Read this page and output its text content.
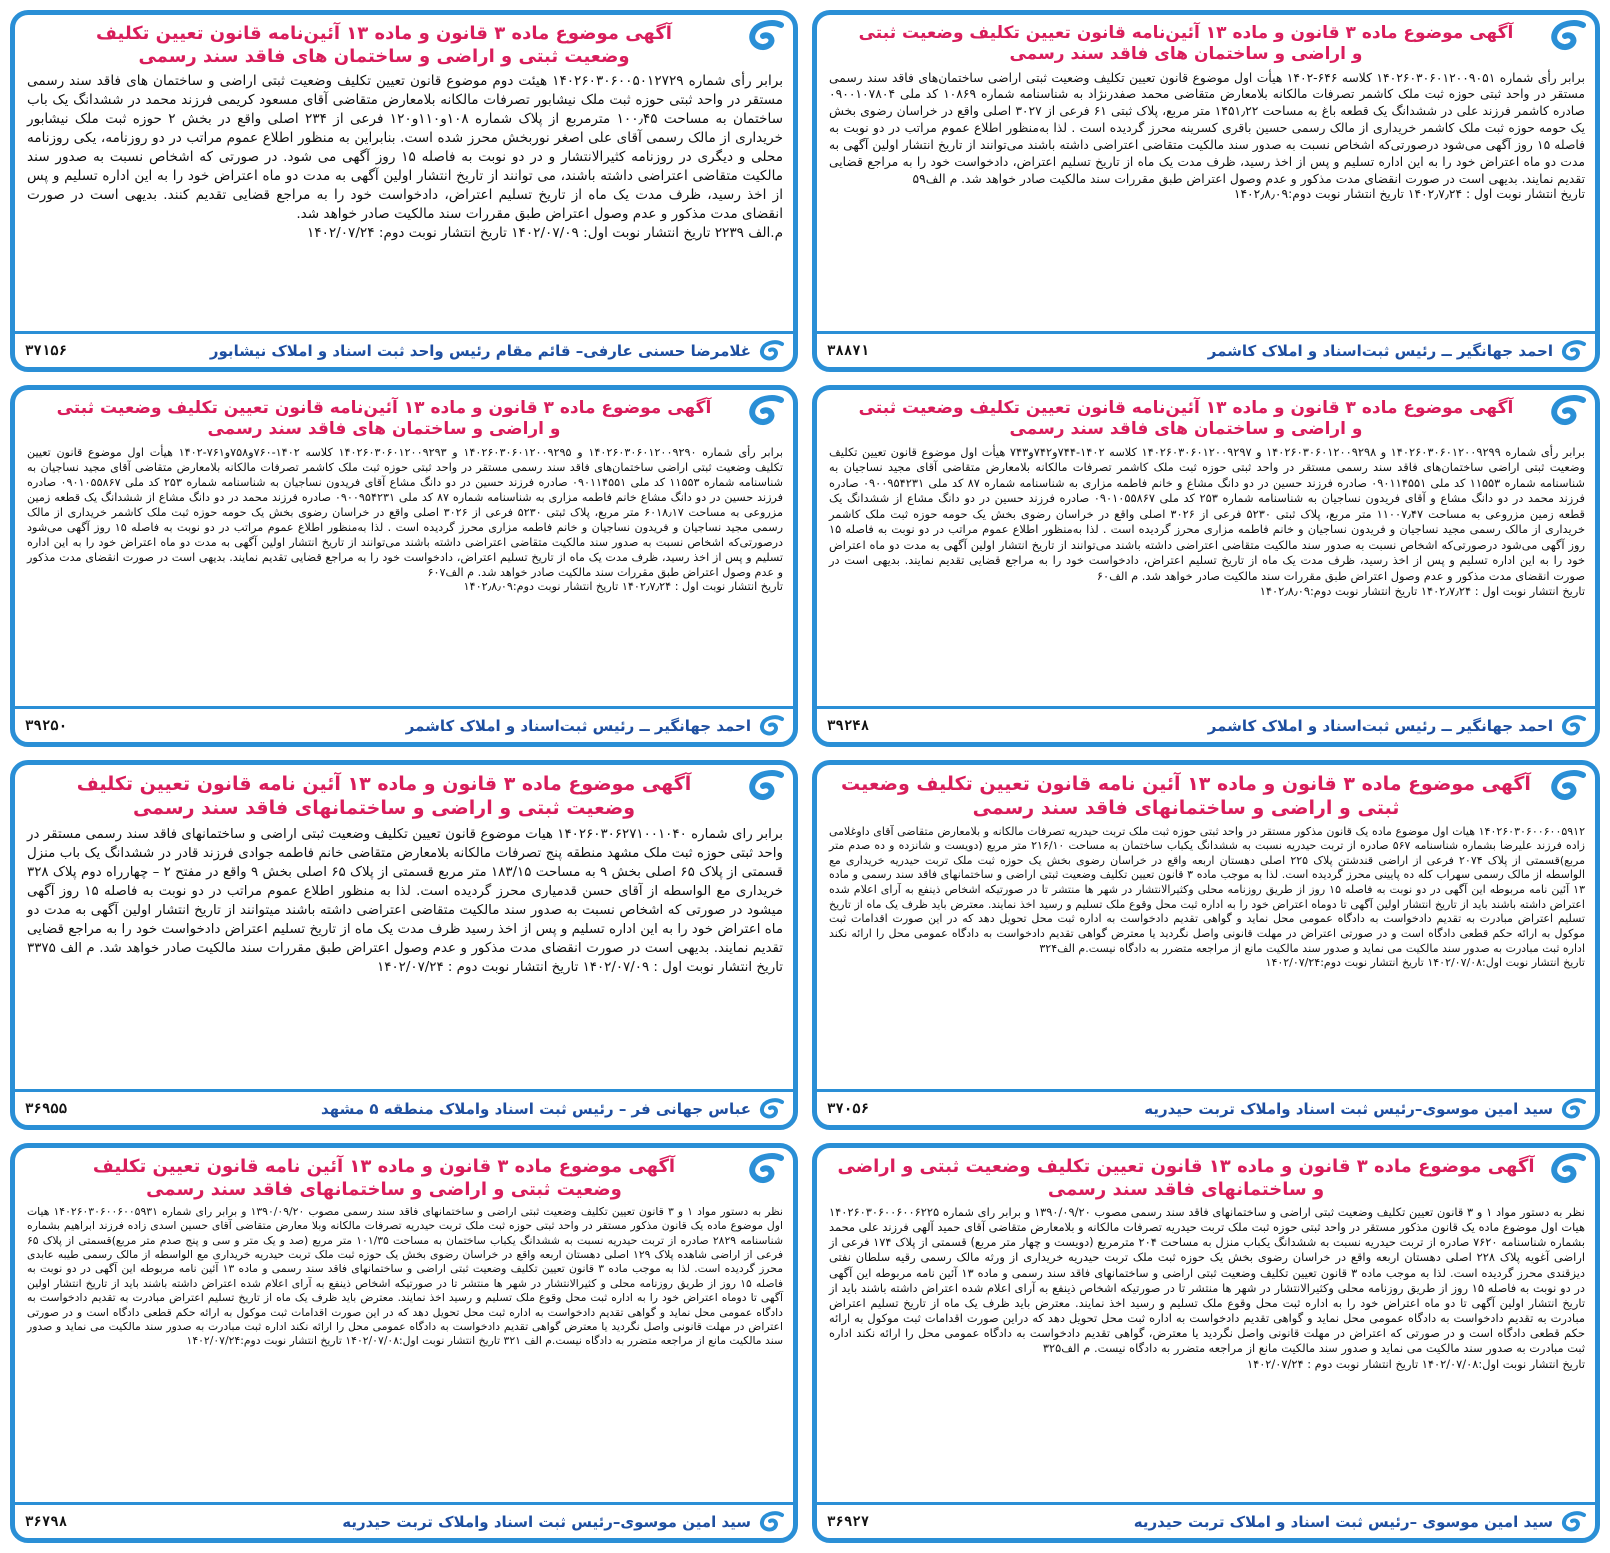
آگهی موضوع ماده ۳ قانون و ماده ۱۳ آئین‌نامه قانون تعیین تکلیف وضعیت ثبتی
و اراضی و ساختمان های فاقد سند رسمی
برابر رأی شماره ۱۴۰۲۶۰۳۰۶۰۱۲۰۰۹۰۵۱ کلاسه ۶۴۶-۱۴۰۲ هیأت اول موضوع قانون تعیین تکلیف وضعیت ثبتی اراضی ساختمان‌های فاقد سند رسمی مستقر در واحد ثبتی حوزه ثبت ملک کاشمر تصرفات مالکانه بلامعارض متقاضی محمد صفدرنژاد به شناسنامه شماره ۱۰۸۶۹ کد ملی ۰۹۰۰۱۰۷۸۰۴ صادره کاشمر فرزند علی در ششدانگ یک قطعه باغ به مساحت ۱۴۵۱٫۲۲ متر مربع، پلاک ثبتی ۶۱ فرعی از ۳۰۲۷ اصلی واقع در خراسان رضوی بخش یک حومه حوزه ثبت ملک کاشمر خریداری از مالک رسمی حسین باقری کسرینه محرز گردیده است . لذا به‌منظور اطلاع عموم مراتب در دو نوبت به فاصله ۱۵ روز آگهی می‌شود درصورتی‌که اشخاص نسبت به صدور سند مالکیت متقاضی اعتراضی داشته باشند می‌توانند از تاریخ انتشار اولین آگهی به مدت دو ماه اعتراض خود را به این اداره تسلیم و پس از اخذ رسید، ظرف مدت یک ماه از تاریخ تسلیم اعتراض، دادخواست خود را به مراجع قضایی تقدیم نمایند. بدیهی است در صورت انقضای مدت مذکور و عدم وصول اعتراض طبق مقررات سند مالکیت صادر خواهد شد. م الف۵۹
تاریخ انتشار نوبت اول : ۱۴۰۲٫۷٫۲۴ تاریخ انتشار نوبت دوم:۱۴۰۲٫۸٫۰۹
احمد جهانگیر ــ رئیس ثبت‌اسناد و املاک کاشمر
۳۸۸۷۱
آگهی موضوع ماده ۳ قانون و ماده ۱۳ آئین‌نامه قانون تعیین تکلیف
وضعیت ثبتی و اراضی و ساختمان های فاقد سند رسمی
برابر رأی شماره ۱۴۰۲۶۰۳۰۶۰۰۵۰۱۲۷۲۹ هیئت دوم موضوع قانون تعیین تکلیف وضعیت ثبتی اراضی و ساختمان های فاقد سند رسمی مستقر در واحد ثبتی حوزه ثبت ملک نیشابور تصرفات مالکانه بلامعارض متقاضی آقای مسعود کریمی فرزند محمد در ششدانگ یک باب ساختمان به مساحت ۱۰۰٫۴۵ مترمربع از پلاک شماره ۱۰۸و۱۱۰و۱۲۰ فرعی از ۲۳۴ اصلی واقع در بخش ۲ حوزه ثبت ملک نیشابور خریداری از مالک رسمی آقای علی اصغر نوربخش محرز شده است. بنابراین به منظور اطلاع عموم مراتب در دو روزنامه، یکی روزنامه محلی و دیگری در روزنامه کثیرالانتشار و در دو نوبت به فاصله ۱۵ روز آگهی می شود. در صورتی که اشخاص نسبت به صدور سند مالکیت متقاضی اعتراضی داشته باشند، می توانند از تاریخ انتشار اولین آگهی به مدت دو ماه اعتراض خود را به این اداره تسلیم و پس از اخذ رسید، ظرف مدت یک ماه از تاریخ تسلیم اعتراض، دادخواست خود را به مراجع قضایی تقدیم کنند. بدیهی است در صورت انقضای مدت مذکور و عدم وصول اعتراض طبق مقررات سند مالکیت صادر خواهد شد.
م.الف ۲۲۳۹ تاریخ انتشار نوبت اول: ۱۴۰۲/۰۷/۰۹ تاریخ انتشار نوبت دوم: ۱۴۰۲/۰۷/۲۴
غلامرضا حسنی عارفی– قائم مقام رئیس واحد ثبت اسناد و املاک نیشابور
۳۷۱۵۶
آگهی موضوع ماده ۳ قانون و ماده ۱۳ آئین‌نامه قانون تعیین تکلیف وضعیت ثبتی
و اراضی و ساختمان های فاقد سند رسمی
برابر رأی شماره ۱۴۰۲۶۰۳۰۶۰۱۲۰۰۹۲۹۹ و ۱۴۰۲۶۰۳۰۶۰۱۲۰۰۹۲۹۸ و ۱۴۰۲۶۰۳۰۶۰۱۲۰۰۹۲۹۷ کلاسه ۱۴۰۲-۷۴۴و۷۴۲و۷۴۳ هیأت اول موضوع قانون تعیین تکلیف وضعیت ثبتی اراضی ساختمان‌های فاقد سند رسمی مستقر در واحد ثبتی حوزه ثبت ملک کاشمر تصرفات مالکانه بلامعارض متقاضی آقای مجید نساجیان به شناسنامه شماره ۱۱۵۵۳ کد ملی ۰۹۰۱۱۴۵۵۱ صادره فرزند حسین در دو دانگ مشاع و خانم فاطمه مزاری به شناسنامه شماره ۸۷ کد ملی ۰۹۰۰۹۵۴۲۳۱ صادره فرزند محمد در دو دانگ مشاع و آقای فریدون نساجیان به شناسنامه شماره ۲۵۳ کد ملی ۰۹۰۱۰۵۵۸۶۷ صادره فرزند حسین در دو دانگ مشاع از ششدانگ یک قطعه زمین مزروعی به مساحت ۱۱۰۰۷٫۴۷ متر مربع، پلاک ثبتی ۵۲۳۰ فرعی از ۳۰۲۶ اصلی واقع در خراسان رضوی بخش یک حومه حوزه ثبت ملک کاشمر خریداری از مالک رسمی مجید نساجیان و فریدون نساجیان و خانم فاطمه مزاری محرز گردیده است . لذا به‌منظور اطلاع عموم مراتب در دو نوبت به فاصله ۱۵ روز آگهی می‌شود درصورتی‌که اشخاص نسبت به صدور سند مالکیت متقاضی اعتراضی داشته باشند می‌توانند از تاریخ انتشار اولین آگهی به مدت دو ماه اعتراض خود را به این اداره تسلیم و پس از اخذ رسید، ظرف مدت یک ماه از تاریخ تسلیم اعتراض، دادخواست خود را به مراجع قضایی تقدیم نمایند. بدیهی است در صورت انقضای مدت مذکور و عدم وصول اعتراض طبق مقررات سند مالکیت صادر خواهد شد. م الف۶۰
تاریخ انتشار نوبت اول : ۱۴۰۲٫۷٫۲۴ تاریخ انتشار نوبت دوم:۱۴۰۲٫۸٫۰۹
احمد جهانگیر ــ رئیس ثبت‌اسناد و املاک کاشمر
۳۹۲۴۸
آگهی موضوع ماده ۳ قانون و ماده ۱۳ آئین‌نامه قانون تعیین تکلیف وضعیت ثبتی
و اراضی و ساختمان های فاقد سند رسمی
برابر رأی شماره ۱۴۰۲۶۰۳۰۶۰۱۲۰۰۹۲۹۰ و ۱۴۰۲۶۰۳۰۶۰۱۲۰۰۹۲۹۵ و ۱۴۰۲۶۰۳۰۶۰۱۲۰۰۹۲۹۳ کلاسه ۱۴۰۲-۷۶۰و۷۵۸و۷۶۱-۱۴۰۲ هیأت اول موضوع قانون تعیین تکلیف وضعیت ثبتی اراضی ساختمان‌های فاقد سند رسمی مستقر در واحد ثبتی حوزه ثبت ملک کاشمر تصرفات مالکانه بلامعارض متقاضی آقای مجید نساجیان به شناسنامه شماره ۱۱۵۵۳ کد ملی ۰۹۰۱۱۴۵۵۱ صادره فرزند حسین در دو دانگ مشاع آقای فریدون نساجیان به شناسنامه شماره ۲۵۳ کد ملی ۰۹۰۱۰۵۵۸۶۷ صادره فرزند حسین در دو دانگ مشاع خانم فاطمه مزاری به شناسنامه شماره ۸۷ کد ملی ۰۹۰۰۹۵۴۲۳۱ صادره فرزند محمد در دو دانگ مشاع از ششدانگ یک قطعه زمین مزروعی به مساحت ۶۰۱۸٫۱۷ متر مربع، پلاک ثبتی ۵۲۳۰ فرعی از ۳۰۲۶ اصلی واقع در خراسان رضوی بخش یک حومه حوزه ثبت ملک کاشمر خریداری از مالک رسمی مجید نساجیان و فریدون نساجیان و خانم فاطمه مزاری محرز گردیده است . لذا به‌منظور اطلاع عموم مراتب در دو نوبت به فاصله ۱۵ روز آگهی می‌شود درصورتی‌که اشخاص نسبت به صدور سند مالکیت متقاضی اعتراضی داشته باشند می‌توانند از تاریخ انتشار اولین آگهی به مدت دو ماه اعتراض خود را به این اداره تسلیم و پس از اخذ رسید، ظرف مدت یک ماه از تاریخ تسلیم اعتراض، دادخواست خود را به مراجع قضایی تقدیم نمایند. بدیهی است در صورت انقضای مدت مذکور و عدم وصول اعتراض طبق مقررات سند مالکیت صادر خواهد شد. م الف۶۰۷
تاریخ انتشار نوبت اول : ۱۴۰۲٫۷٫۲۴ تاریخ انتشار نوبت دوم:۱۴۰۲٫۸٫۰۹
احمد جهانگیر ــ رئیس ثبت‌اسناد و املاک کاشمر
۳۹۲۵۰
آگهی موضوع ماده ۳ قانون و ماده ۱۳ آئین نامه قانون تعیین تکلیف وضعیت
ثبتی و اراضی و ساختمانهای فاقد سند رسمی
۱۴۰۲۶۰۳۰۶۰۰۶۰۰۵۹۱۲ هیات اول موضوع ماده یک قانون مذکور مستقر در واحد ثبتی حوزه ثبت ملک تربت حیدریه تصرفات مالکانه و بلامعارض متقاضی آقای داوغلامی زاده فرزند علیرضا بشماره شناسنامه ۵۶۷ صادره از تربت حیدریه نسبت به ششدانگ یکباب ساختمان به مساحت ۲۱۶/۱۰ متر مربع (دویست و شانزده و ده صدم متر مربع)قسمتی از پلاک ۲۰۷۴ فرعی از اراضی قندشتن پلاک ۲۲۵ اصلی دهستان اربعه واقع در خراسان رضوی بخش یک حوزه ثبت ملک تربت حیدریه خریداری مع الواسطه از مالک رسمی سهراب کله ده پایینی محرز گردیده است. لذا به موجب ماده ۳ قانون تعیین تکلیف وضعیت ثبتی اراضی و ساختمانهای فاقد سند رسمی و ماده ۱۳ آئین نامه مربوطه این آگهی در دو نوبت به فاصله ۱۵ روز از طریق روزنامه محلی وکثیرالانتشار در شهر ها منتشر تا در صورتیکه اشخاص ذینفع به آرای اعلام شده اعتراض داشته باشند باید از تاریخ انتشار اولین آگهی تا دوماه اعتراض خود را به اداره ثبت محل وقوع ملک تسلیم و رسید اخذ نمایند. معترض باید ظرف یک ماه از تاریخ تسلیم اعتراض مبادرت به تقدیم دادخواست به دادگاه عمومی محل نماید و گواهی تقدیم دادخواست به اداره ثبت محل تحویل دهد که در این صورت اقدامات ثبت موکول به ارائه حکم قطعی دادگاه است و در صورتی اعتراض در مهلت قانونی واصل نگردید یا معترض گواهی تقدیم دادخواست به دادگاه عمومی محل را ارائه نکند اداره ثبت مبادرت به صدور سند مالکیت می نماید و صدور سند مالکیت مانع از مراجعه متضرر به دادگاه نیست.م الف۳۲۴
تاریخ انتشار نوبت اول:۱۴۰۲/۰۷/۰۸ تاریخ انتشار نوبت دوم:۱۴۰۲/۰۷/۲۴
سید امین موسوی–رئیس ثبت اسناد واملاک تربت حیدریه
۳۷۰۵۶
آگهی موضوع ماده ۳ قانون و ماده ۱۳ آئین نامه قانون تعیین تکلیف
وضعیت ثبتی و اراضی و ساختمانهای فاقد سند رسمی
برابر رای شماره ۱۴۰۲۶۰۳۰۶۲۷۱۰۰۱۰۴۰ هیات موضوع قانون تعیین تکلیف وضعیت ثبتی اراضی و ساختمانهای فاقد سند رسمی مستقر در واحد ثبتی حوزه ثبت ملک مشهد منطقه پنج تصرفات مالکانه بلامعارض متقاضی خانم فاطمه جوادی فرزند قادر در ششدانگ یک باب منزل قسمتی از پلاک ۶۵ اصلی بخش ۹ به مساحت ۱۸۳/۱۵ متر مربع قسمتی از پلاک ۶۵ اصلی بخش ۹ واقع در مفتح ۲ – چهارراه دوم پلاک ۳۲۸ خریداری مع الواسطه از آقای حسن قدمیاری محرز گردیده است. لذا به منظور اطلاع عموم مراتب در دو نوبت به فاصله ۱۵ روز آگهی میشود در صورتی که اشخاص نسبت به صدور سند مالکیت متقاضی اعتراضی داشته باشند میتوانند از تاریخ انتشار اولین آگهی به مدت دو ماه اعتراض خود را به این اداره تسلیم و پس از اخذ رسید ظرف مدت یک ماه از تاریخ تسلیم اعتراض دادخواست خود را به مراجع قضایی تقدیم نمایند. بدیهی است در صورت انقضای مدت مذکور و عدم وصول اعتراض طبق مقررات سند مالکیت صادر خواهد شد. م الف ۳۳۷۵ تاریخ انتشار نوبت اول : ۱۴۰۲/۰۷/۰۹ تاریخ انتشار نوبت دوم : ۱۴۰۲/۰۷/۲۴
عباس جهانی فر – رئیس ثبت اسناد واملاک منطقه ۵ مشهد
۳۶۹۵۵
آگهی موضوع ماده ۳ قانون و ماده ۱۳ قانون تعیین تکلیف وضعیت ثبتی و اراضی
و ساختمانهای فاقد سند رسمی
نظر به دستور مواد ۱ و ۳ قانون تعیین تکلیف وضعیت ثبتی اراضی و ساختمانهای فاقد سند رسمی مصوب ۱۳۹۰/۰۹/۲۰ و برابر رای شماره ۱۴۰۲۶۰۳۰۶۰۰۶۰۰۶۲۲۵ هیات اول موضوع ماده یک قانون مذکور مستقر در واحد ثبتی حوزه ثبت ملک تربت حیدریه تصرفات مالکانه و بلامعارض متقاضی آقای حمید آلهی فرزند علی محمد بشماره شناسنامه ۷۶۲۰ صادره از تربت حیدریه نسبت به ششدانگ یکباب منزل به مساحت ۲۰۴ مترمربع (دویست و چهار متر مربع) قسمتی از پلاک ۱۷۴ فرعی از اراضی آغویه پلاک ۲۲۸ اصلی دهستان اربعه واقع در خراسان رضوی بخش یک حوزه ثبت ملک تربت حیدریه خریداری از ورثه مالک رسمی رقیه سلطان نفتی دیزقندی محرز گردیده است. لذا به موجب ماده ۳ قانون تعیین تکلیف وضعیت ثبتی اراضی و ساختمانهای فاقد سند رسمی و ماده ۱۳ آئین نامه مربوطه این آگهی در دو نوبت به فاصله ۱۵ روز از طریق روزنامه محلی وکثیرالانتشار در شهر ها منتشر تا در صورتیکه اشخاص ذینفع به آرای اعلام شده اعتراض داشته باشند باید از تاریخ انتشار اولین آگهی تا دو ماه اعتراض خود را به اداره ثبت محل وقوع ملک تسلیم و رسید اخذ نمایند. معترض باید ظرف یک ماه از تاریخ تسلیم اعتراض مبادرت به تقدیم دادخواست به دادگاه عمومی محل نماید و گواهی تقدیم دادخواست به اداره ثبت محل تحویل دهد که دراین صورت اقدامات ثبت موکول به ارائه حکم قطعی دادگاه است و در صورتی که اعتراض در مهلت قانونی واصل نگردید یا معترض، گواهی تقدیم دادخواست به دادگاه عمومی محل را ارائه نکند اداره ثبت مبادرت به صدور سند مالکیت می نماید و صدور سند مالکیت مانع از مراجعه متضرر به دادگاه نیست. م الف۳۲۵
تاریخ انتشار نوبت اول:۱۴۰۲/۰۷/۰۸ تاریخ انتشار نوبت دوم : ۱۴۰۲/۰۷/۲۴
سید امین موسوی –رئیس ثبت اسناد و املاک تربت حیدریه
۳۶۹۲۷
آگهی موضوع ماده ۳ قانون و ماده ۱۳ آئین نامه قانون تعیین تکلیف
وضعیت ثبتی و اراضی و ساختمانهای فاقد سند رسمی
نظر به دستور مواد ۱ و ۳ قانون تعیین تکلیف وضعیت ثبتی اراضی و ساختمانهای فاقد سند رسمی مصوب ۱۳۹۰/۰۹/۲۰ و برابر رای شماره ۱۴۰۲۶۰۳۰۶۰۰۶۰۰۵۹۳۱ هیات اول موضوع ماده یک قانون مذکور مستقر در واحد ثبتی حوزه ثبت ملک تربت حیدریه تصرفات مالکانه وبلا معارض متقاضی آقای حسین اسدی زاده فرزند ابراهیم بشماره شناسنامه ۲۸۲۹ صادره از تربت حیدریه نسبت به ششدانگ یکباب ساختمان به مساحت ۱۰۱/۳۵ متر مربع (صد و یک متر و سی و پنج صدم متر مربع)قسمتی از پلاک ۶۵ فرعی از اراضی شاهده پلاک ۱۲۹ اصلی دهستان اربعه واقع در خراسان رضوی بخش یک حوزه ثبت ملک تربت حیدریه خریداری مع الواسطه از مالک رسمی طیبه عابدی محرز گردیده است. لذا به موجب ماده ۳ قانون تعیین تکلیف وضعیت ثبتی اراضی و ساختمانهای فاقد سند رسمی و ماده ۱۳ آئین نامه مربوطه این آگهی در دو نوبت به فاصله ۱۵ روز از طریق روزنامه محلی و کثیرالانتشار در شهر ها منتشر تا در صورتیکه اشخاص ذینفع به آرای اعلام شده اعتراض داشته باشند باید از تاریخ انتشار اولین آگهی تا دوماه اعتراض خود را به اداره ثبت محل وقوع ملک تسلیم و رسید اخذ نمایند. معترض باید ظرف یک ماه از تاریخ تسلیم اعتراض مبادرت به تقدیم دادخواست به دادگاه عمومی محل نماید و گواهی تقدیم دادخواست به اداره ثبت محل تحویل دهد که در این صورت اقدامات ثبت موکول به ارائه حکم قطعی دادگاه است و در صورتی اعتراض در مهلت قانونی واصل نگردید یا معترض گواهی تقدیم دادخواست به دادگاه عمومی محل را ارائه نکند اداره ثبت مبادرت به صدور سند مالکیت می نماید و صدور سند مالکیت مانع از مراجعه متضرر به دادگاه نیست.م الف ۳۲۱ تاریخ انتشار نوبت اول:۱۴۰۲/۰۷/۰۸ تاریخ انتشار نوبت دوم:۱۴۰۲/۰۷/۲۴
سید امین موسوی–رئیس ثبت اسناد واملاک تربت حیدریه
۳۶۷۹۸
